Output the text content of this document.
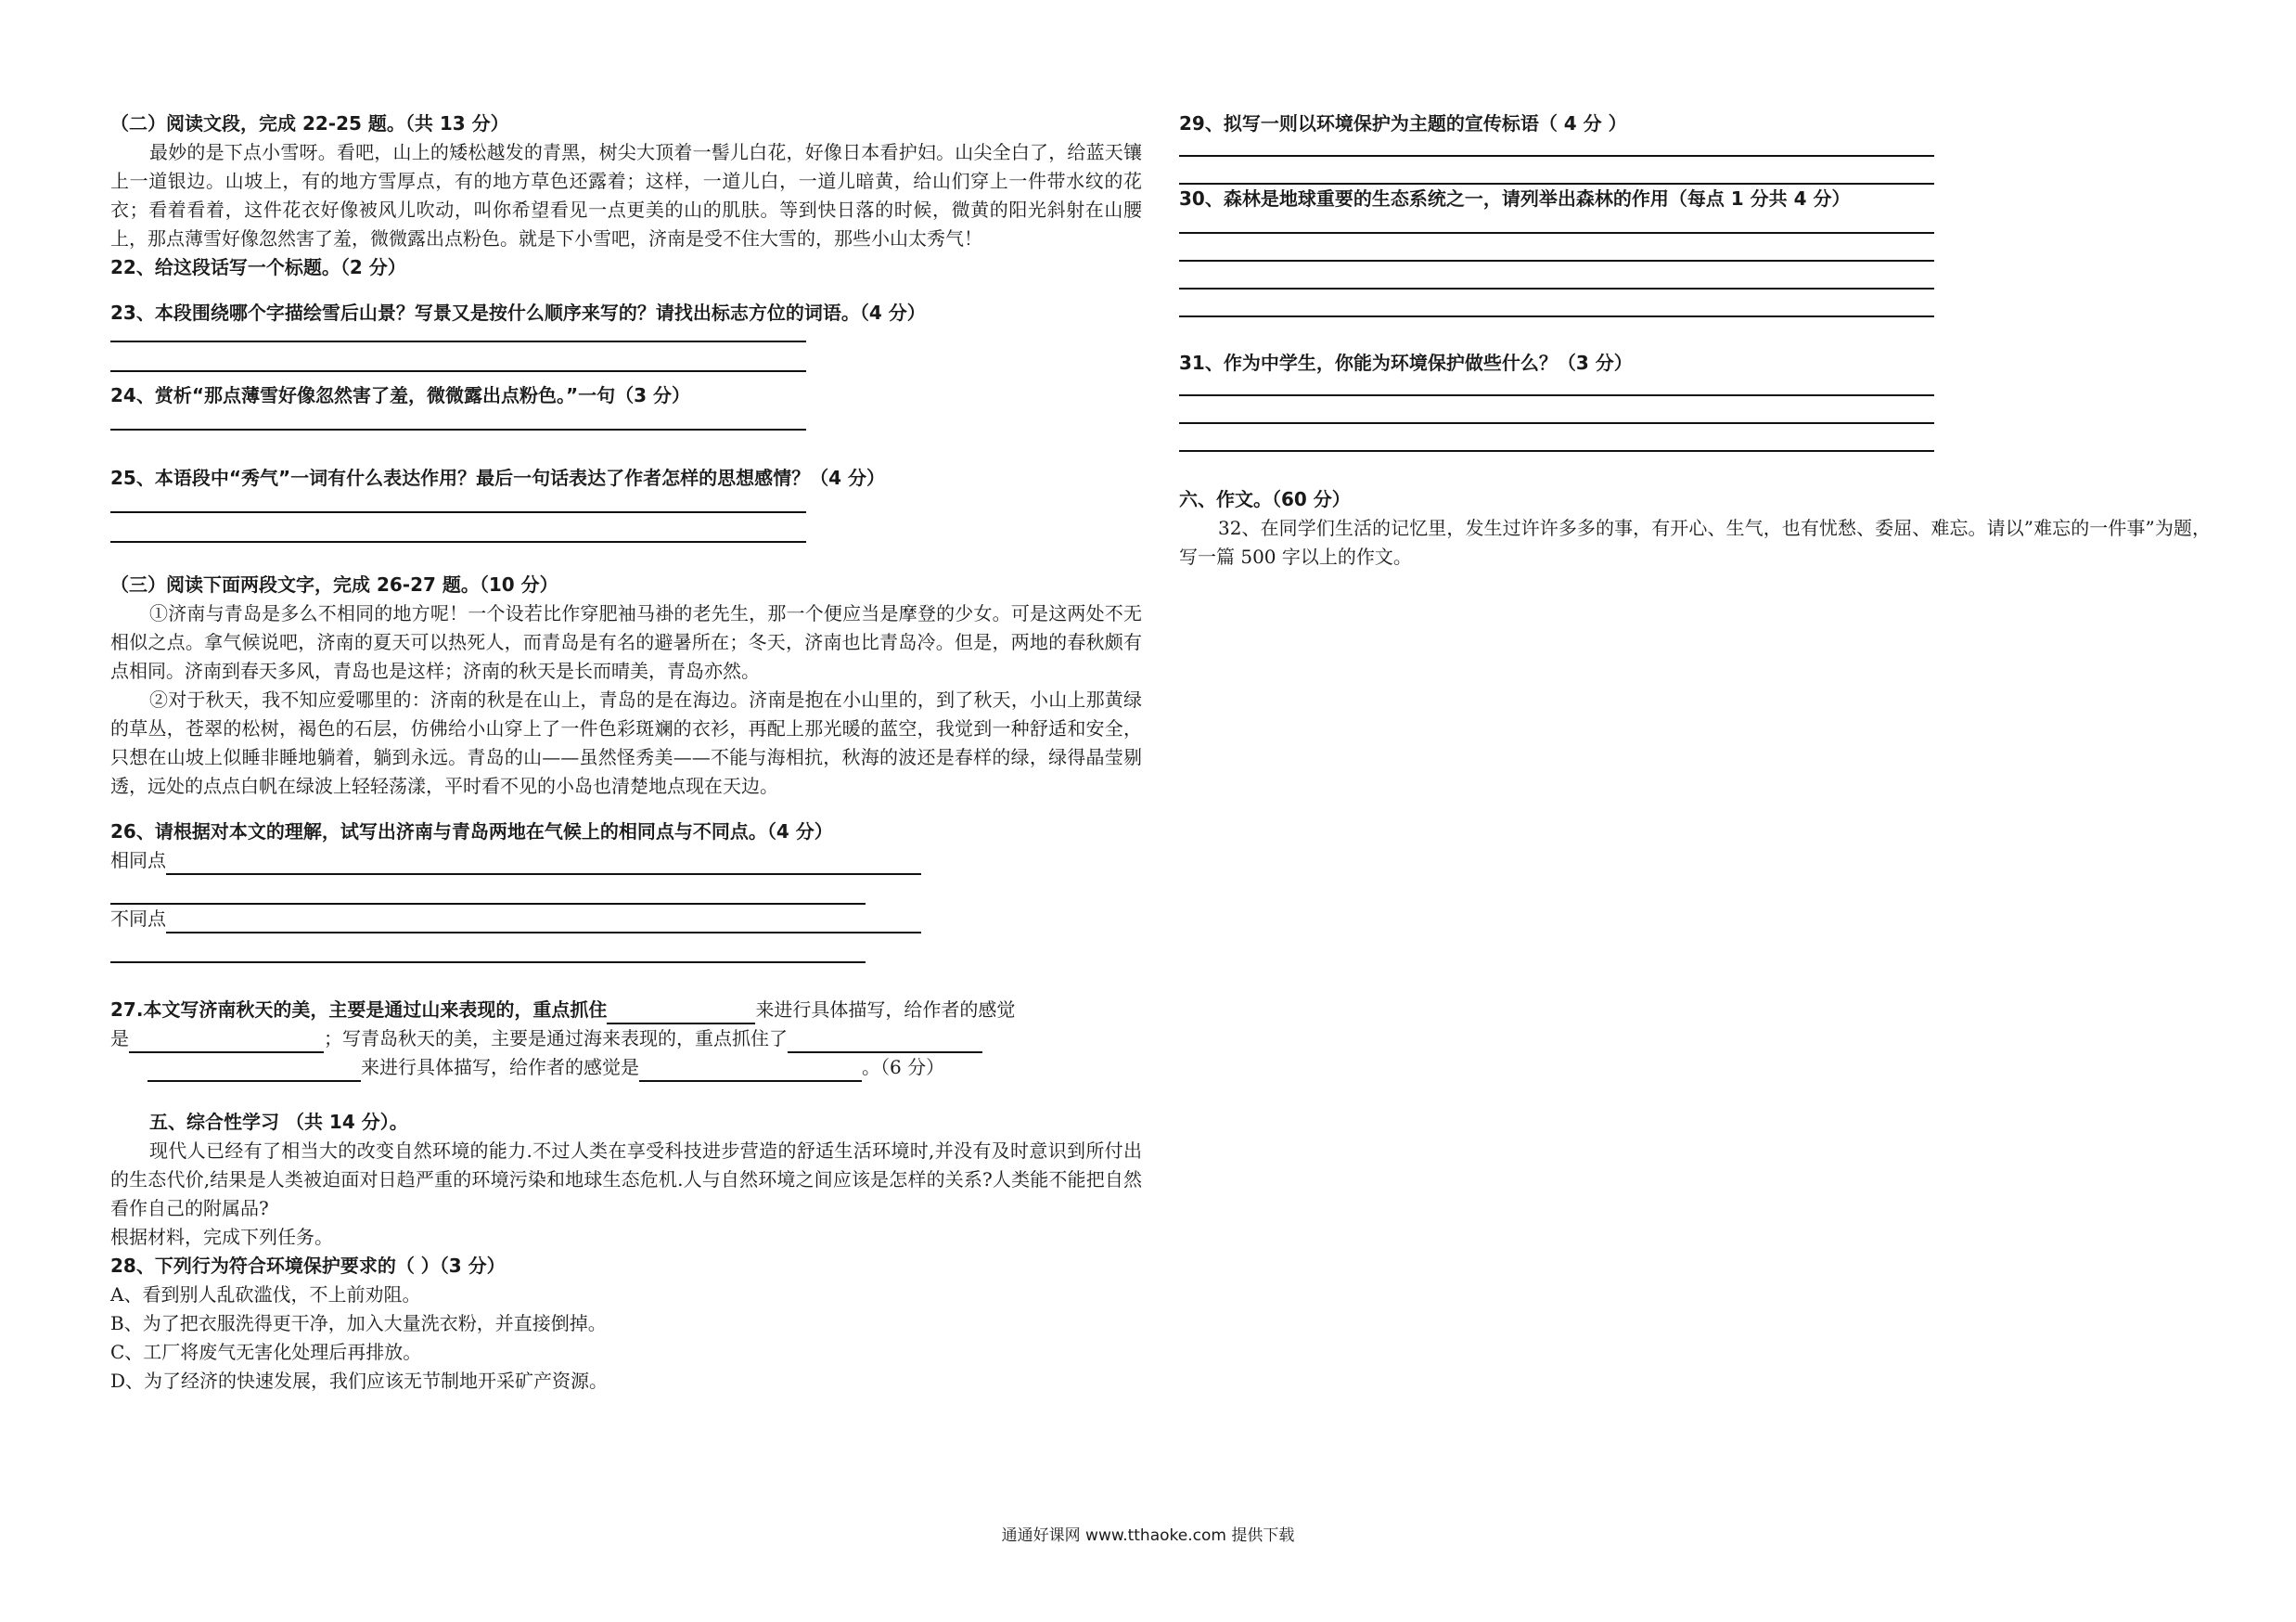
（二）阅读文段，完成 22-25 题。（共 13 分）

最妙的是下点小雪呀。看吧，山上的矮松越发的青黑，树尖大顶着一髻儿白花，好像日本看护妇。山尖全白了，给蓝天镶上一道银边。山坡上，有的地方雪厚点，有的地方草色还露着；这样，一道儿白，一道儿暗黄，给山们穿上一件带水纹的花衣；看着看着，这件花衣好像被风儿吹动，叫你希望看见一点更美的山的肌肤。等到快日落的时候，微黄的阳光斜射在山腰上，那点薄雪好像忽然害了羞，微微露出点粉色。就是下小雪吧，济南是受不住大雪的，那些小山太秀气！

22、给这段话写一个标题。（2 分）

23、本段围绕哪个字描绘雪后山景？写景又是按什么顺序来写的？请找出标志方位的词语。（4 分）

24、赏析“那点薄雪好像忽然害了羞，微微露出点粉色。”一句（3 分）

25、本语段中“秀气”一词有什么表达作用？最后一句话表达了作者怎样的思想感情？（4 分）

（三）阅读下面两段文字，完成 26-27 题。（10 分）

①济南与青岛是多么不相同的地方呢！一个设若比作穿肥袖马褂的老先生，那一个便应当是摩登的少女。可是这两处不无相似之点。拿气候说吧，济南的夏天可以热死人，而青岛是有名的避暑所在；冬天，济南也比青岛冷。但是，两地的春秋颇有点相同。济南到春天多风，青岛也是这样；济南的秋天是长而晴美，青岛亦然。

②对于秋天，我不知应爱哪里的：济南的秋是在山上，青岛的是在海边。济南是抱在小山里的，到了秋天，小山上那黄绿的草丛，苍翠的松树，褐色的石层，仿佛给小山穿上了一件色彩斑斓的衣衫，再配上那光暖的蓝空，我觉到一种舒适和安全，只想在山坡上似睡非睡地躺着，躺到永远。青岛的山——虽然怪秀美——不能与海相抗，秋海的波还是春样的绿，绿得晶莹剔透，远处的点点白帆在绿波上轻轻荡漾，平时看不见的小岛也清楚地点现在天边。

26、请根据对本文的理解，试写出济南与青岛两地在气候上的相同点与不同点。（4 分）

相同点
不同点
27.本文写济南秋天的美，主要是通过山来表现的，重点抓住	来进行具体描写，给作者的感觉
是	；写青岛秋天的美，主要是通过海来表现的，重点抓住了
来进行具体描写，给作者的感觉是	。（6 分）

五、综合性学习 （共 14 分）。

现代人已经有了相当大的改变自然环境的能力.不过人类在享受科技进步营造的舒适生活环境时,并没有及时意识到所付出的生态代价,结果是人类被迫面对日趋严重的环境污染和地球生态危机.人与自然环境之间应该是怎样的关系?人类能不能把自然看作自己的附属品?

根据材料，完成下列任务。

28、下列行为符合环境保护要求的（ ）（3 分）

A、看到别人乱砍滥伐，不上前劝阻。

B、为了把衣服洗得更干净，加入大量洗衣粉，并直接倒掉。

C、工厂将废气无害化处理后再排放。

D、为了经济的快速发展，我们应该无节制地开采矿产资源。

29、拟写一则以环境保护为主题的宣传标语（ 4 分 ）

30、森林是地球重要的生态系统之一，请列举出森林的作用（每点 1 分共 4 分）

31、作为中学生，你能为环境保护做些什么？（3 分）

六、作文。（60 分）

32、在同学们生活的记忆里，发生过许许多多的事，有开心、生气，也有忧愁、委屈、难忘。请以”难忘的一件事”为题，写一篇 500 字以上的作文。

通通好课网 www.tthaoke.com 提供下载
